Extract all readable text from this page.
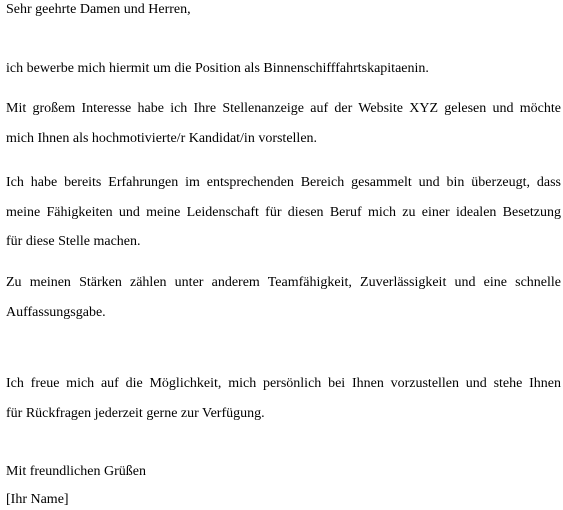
Sehr geehrte Damen und Herren,
ich bewerbe mich hiermit um die Position als Binnenschifffahrtskapitaenin.
Mit großem Interesse habe ich Ihre Stellenanzeige auf der Website XYZ gelesen und möchte
mich Ihnen als hochmotivierte/r Kandidat/in vorstellen.
Ich habe bereits Erfahrungen im entsprechenden Bereich gesammelt und bin überzeugt, dass
meine Fähigkeiten und meine Leidenschaft für diesen Beruf mich zu einer idealen Besetzung
für diese Stelle machen.
Zu meinen Stärken zählen unter anderem Teamfähigkeit, Zuverlässigkeit und eine schnelle
Auffassungsgabe.
Ich freue mich auf die Möglichkeit, mich persönlich bei Ihnen vorzustellen und stehe Ihnen
für Rückfragen jederzeit gerne zur Verfügung.
Mit freundlichen Grüßen
[Ihr Name]
